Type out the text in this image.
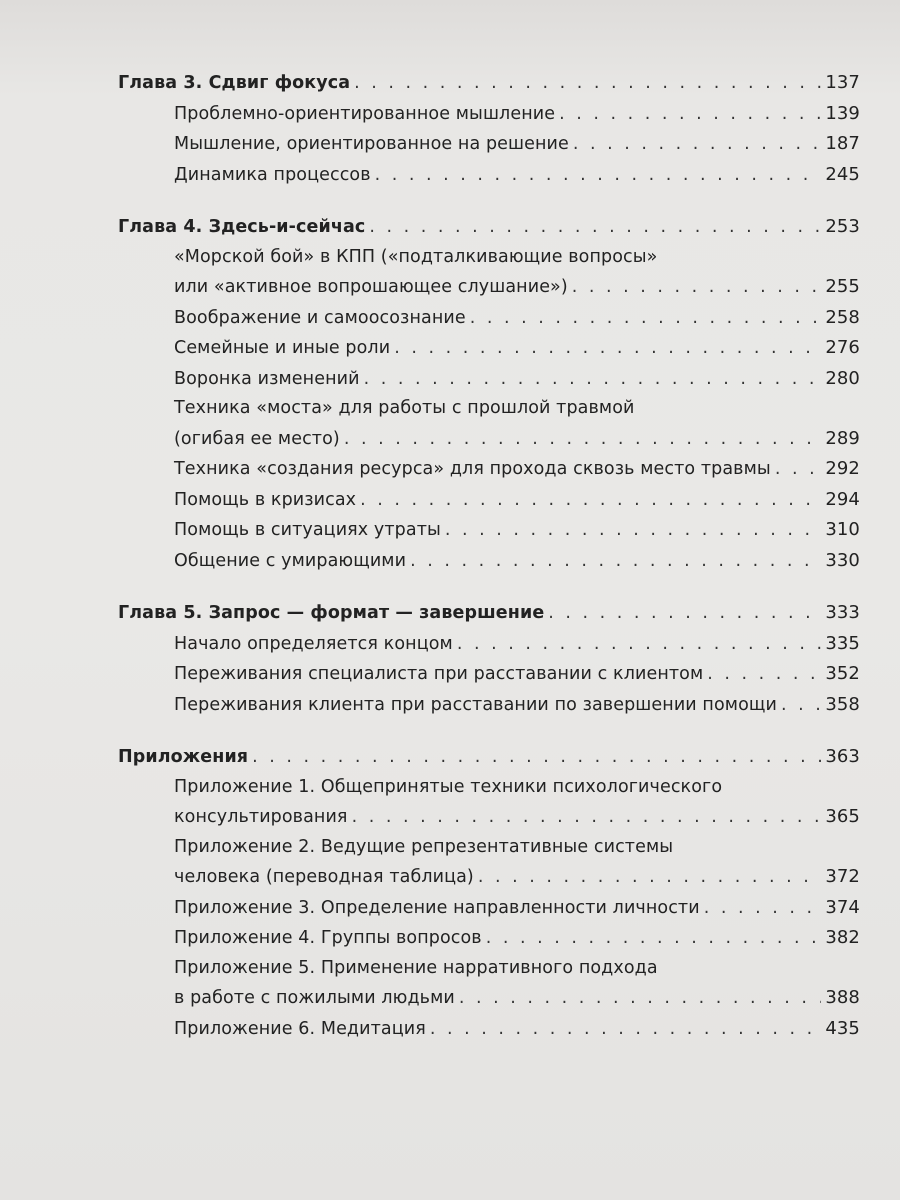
Глава 3. Сдвиг фокуса . . .	137
Проблемно-ориентированное мышление . . .	139
Мышление, ориентированное на решение . . .	187
Динамика процессов . . .	245
Глава 4. Здесь-и-сейчас . . .	253
«Морской бой» в КПП («подталкивающие вопросы»
или «активное вопрошающее слушание») . . .	255
Воображение и самоосознание . . .	258
Семейные и иные роли . . .	276
Воронка изменений . . .	280
Техника «моста» для работы с прошлой травмой
(огибая ее место) . . .	289
Техника «создания ресурса» для прохода сквозь место травмы . . .	292
Помощь в кризисах . . .	294
Помощь в ситуациях утраты . . .	310
Общение с умирающими . . .	330
Глава 5. Запрос — формат — завершение . . .	333
Начало определяется концом . . .	335
Переживания специалиста при расставании с клиентом . . .	352
Переживания клиента при расставании по завершении помощи . . .	358
Приложения . . .	363
Приложение 1. Общепринятые техники психологического
консультирования . . .	365
Приложение 2. Ведущие репрезентативные системы
человека (переводная таблица) . . .	372
Приложение 3. Определение направленности личности . . .	374
Приложение 4. Группы вопросов . . .	382
Приложение 5. Применение нарративного подхода
в работе с пожилыми людьми . . .	388
Приложение 6. Медитация . . .	435
